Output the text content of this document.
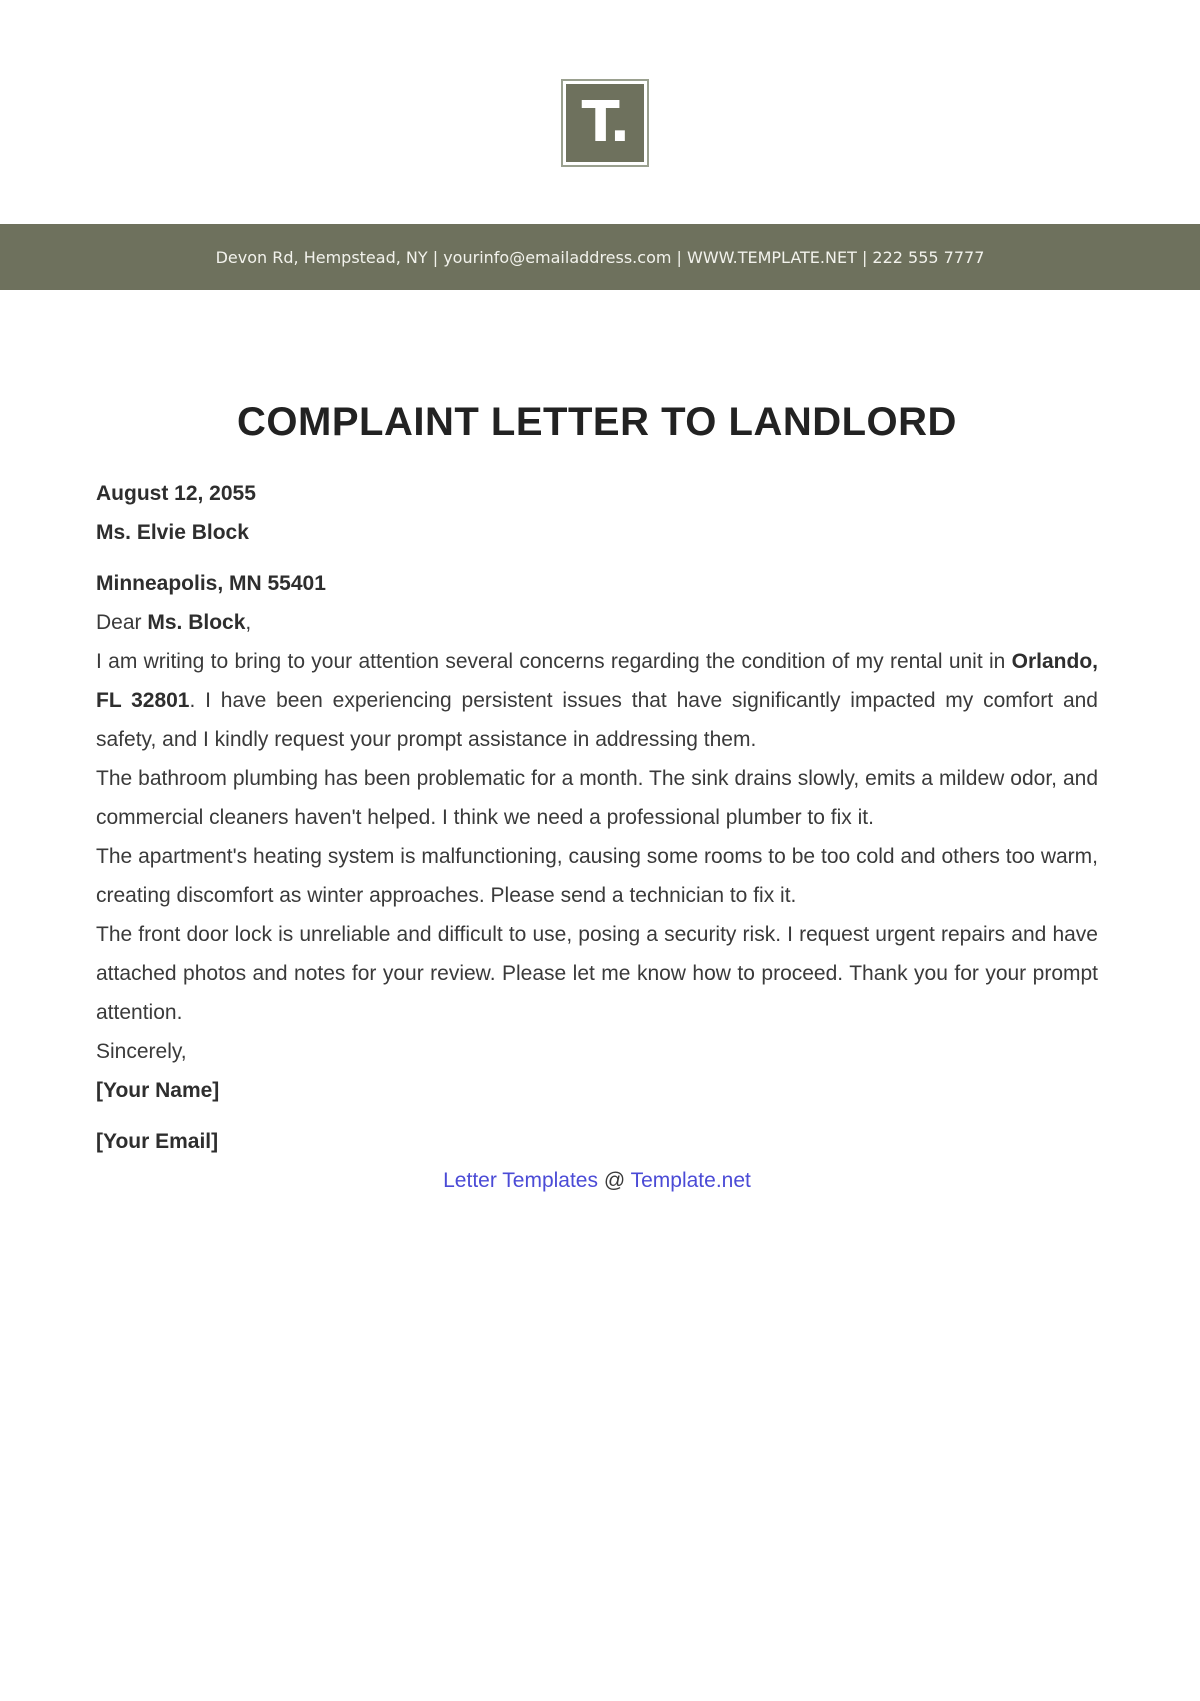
T.
Devon Rd, Hempstead, NY | yourinfo@emailaddress.com | WWW.TEMPLATE.NET | 222 555 7777
COMPLAINT LETTER TO LANDLORD

August 12, 2055

Ms. Elvie Block

Minneapolis, MN 55401

Dear Ms. Block,

I am writing to bring to your attention several concerns regarding the condition of my rental unit in Orlando, FL 32801. I have been experiencing persistent issues that have significantly impacted my comfort and safety, and I kindly request your prompt assistance in addressing them.

The bathroom plumbing has been problematic for a month. The sink drains slowly, emits a mildew odor, and commercial cleaners haven't helped. I think we need a professional plumber to fix it.

The apartment's heating system is malfunctioning, causing some rooms to be too cold and others too warm, creating discomfort as winter approaches. Please send a technician to fix it.

The front door lock is unreliable and difficult to use, posing a security risk. I request urgent repairs and have attached photos and notes for your review. Please let me know how to proceed. Thank you for your prompt attention.

Sincerely,

[Your Name]

[Your Email]

Letter Templates @ Template.net
